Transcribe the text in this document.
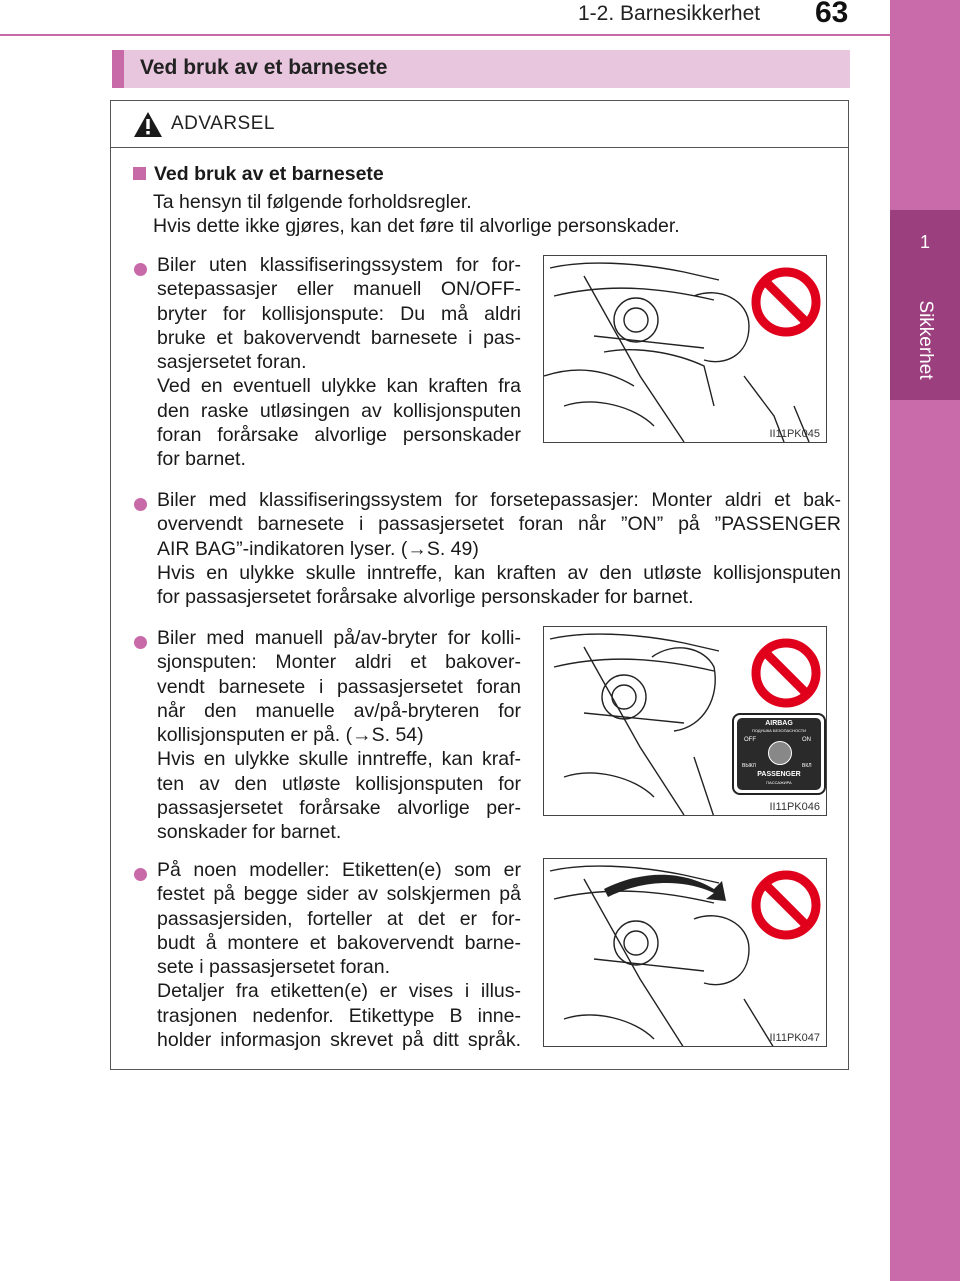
1-2. Barnesikkerhet 63
1
Sikkerhet
Ved bruk av et barnesete
ADVARSEL
Ved bruk av et barnesete
Ta hensyn til følgende forholdsregler.
Hvis dette ikke gjøres, kan det føre til alvorlige personskader.
Biler uten klassifiseringssystem for for-
setepassasjer eller manuell ON/OFF-
bryter for kollisjonspute: Du må aldri
bruke et bakovervendt barnesete i pas-
sasjersetet foran.
Ved en eventuell ulykke kan kraften fra
den raske utløsingen av kollisjonsputen
foran forårsake alvorlige personskader
for barnet.
II11PK045
Biler med klassifiseringssystem for forsetepassasjer: Monter aldri et bak-
overvendt barnesete i passasjersetet foran når ”ON” på ”PASSENGER
AIR BAG”-indikatoren lyser. (→S. 49)
Hvis en ulykke skulle inntreffe, kan kraften av den utløste kollisjonsputen
for passasjersetet forårsake alvorlige personskader for barnet.
Biler med manuell på/av-bryter for kolli-
sjonsputen: Monter aldri et bakover-
vendt barnesete i passasjersetet foran
når den manuelle av/på-bryteren for
kollisjonsputen er på. (→S. 54)
Hvis en ulykke skulle inntreffe, kan kraf-
ten av den utløste kollisjonsputen for
passasjersetet forårsake alvorlige per-
sonskader for barnet.
AIRBAG
ПОДУШКА БЕЗОПАСНОСТИ
OFF	ON
ВЫКЛ	ВКЛ
PASSENGER
ПАССАЖИРА
II11PK046
På noen modeller: Etiketten(e) som er
festet på begge sider av solskjermen på
passasjersiden, forteller at det er for-
budt å montere et bakovervendt barne-
sete i passasjersetet foran.
Detaljer fra etiketten(e) er vises i illus-
trasjonen nedenfor. Etikettype B inne-
holder informasjon skrevet på ditt språk.	II11PK047
